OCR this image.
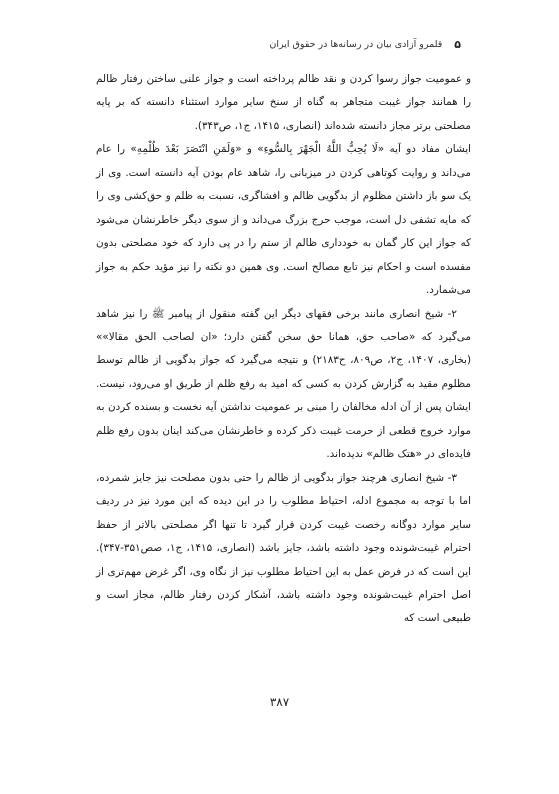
۵
قلمرو آزادی بیان در رسانه‌ها در حقوق ایران

و عمومیت جواز رسوا کردن و نقد ظالم پرداخته است و جواز علنی ساختن رفتار ظالم را همانند جواز غیبت متجاهر به گناه از سنخ سایر موارد استثناء دانسته که بر پایه مصلحتی برتر مجاز دانسته شده‌اند (انصاری، ۱۴۱۵، ج۱، ص۳۴۳).

ایشان مفاد دو آیه «لَا یُحِبُّ اللَّهُ الْجَهْرَ بِالسُّوءِ» و «وَلَمَنِ انْتَصَرَ بَعْدَ ظُلْمِهِ» را عام می‌داند و روایت کوتاهی کردن در میزبانی را، شاهد عام بودن آیه دانسته است. وی از یک سو باز داشتن مظلوم از بدگویی ظالم و افشاگری، نسبت به ظلم و حق‌کشی وی را که مایه تشفی دل است، موجب حرج بزرگ می‌داند و از سوی دیگر خاطرنشان می‌شود که جواز این کار گمان به خودداری ظالم از ستم را در پی دارد که خود مصلحتی بدون مفسده است و احکام نیز تابع مصالح است. وی همین دو نکته را نیز مؤید حکم به جواز می‌شمارد.

۲- شیخ انصاری مانند برخی فقهای دیگر این گفته منقول از پیامبر ﷺ را نیز شاهد می‌گیرد که «صاحب حق، همانا حق سخن گفتن دارد؛ «ان لصاحب الحق مقالا»» (بخاری، ۱۴۰۷، ج۲، ص۸۰۹، ح۲۱۸۳) و نتیجه می‌گیرد که جواز بدگویی از ظالم توسط مظلوم مقید به گزارش کردن به کسی که امید به رفع ظلم از طریق او می‌رود، نیست. ایشان پس از آن ادله مخالفان را مبنی بر عمومیت نداشتن آیه نخست و بسنده کردن به موارد خروج قطعی از حرمت غیبت ذکر کرده و خاطرنشان می‌کند اینان بدون رفع ظلم فایده‌ای در «هتک ظالم» ندیده‌اند.

۳- شیخ انصاری هرچند جواز بدگویی از ظالم را حتی بدون مصلحت نیز جایز شمرده، اما با توجه به مجموع ادله، احتیاط مطلوب را در این دیده که این مورد نیز در ردیف سایر موارد دوگانه رخصت غیبت کردن قرار گیرد تا تنها اگر مصلحتی بالاتر از حفظ احترام غیبت‌شونده وجود داشته باشد، جایز باشد (انصاری، ۱۴۱۵، ج۱، صص۳۵۱-۳۴۷). این است که در فرض عمل به این احتیاط مطلوب نیز از نگاه وی، اگر غرض مهم‌تری از اصل احترام غیبت‌شونده وجود داشته باشد، آشکار کردن رفتار ظالم، مجاز است و طبیعی است که

۳۸۷
